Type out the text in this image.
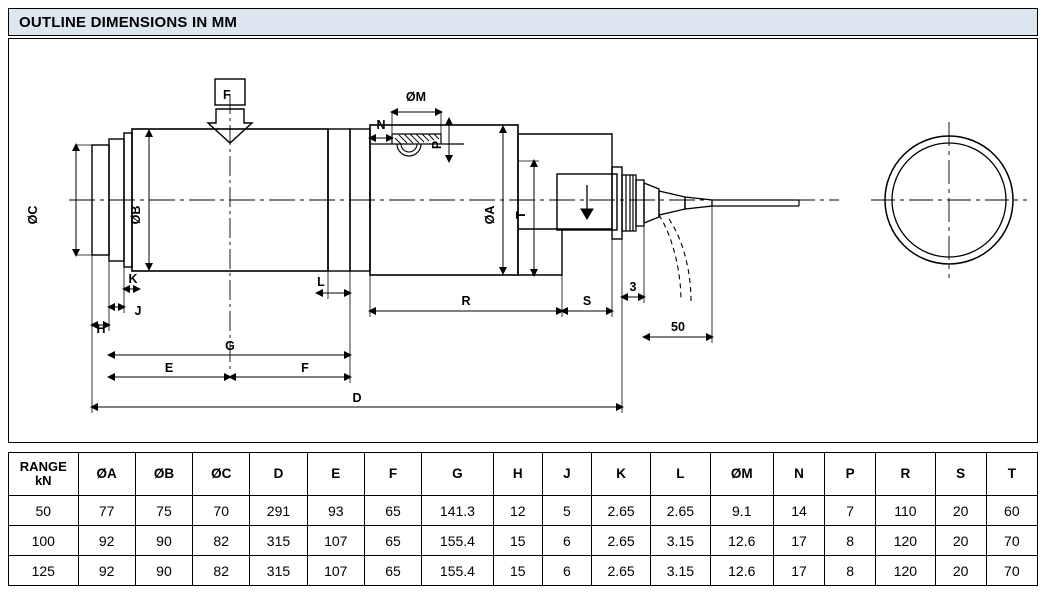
OUTLINE DIMENSIONS IN MM
F
ØC	ØB	ØA T
P
ØM
N
H
J
K	L
R	S
3
50
G
E	F
D
RANGE
kN	ØA	ØB	ØC	D	E	F	G	H	J	K	L	ØM	N	P	R	S	T
50	77	75	70	291	93	65	141.3	12	5	2.65	2.65	9.1	14	7	110	20	60
100	92	90	82	315	107	65	155.4	15	6	2.65	3.15	12.6	17	8	120	20	70
125	92	90	82	315	107	65	155.4	15	6	2.65	3.15	12.6	17	8	120	20	70
